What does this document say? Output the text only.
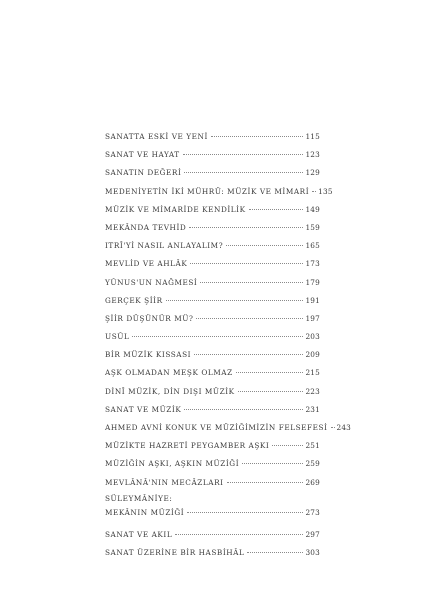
SANATTA ESKİ VE YENİ	115
SANAT VE HAYAT	123
SANATIN DEĞERİ	129
MEDENİYETİN İKİ MÜHRÜ: MÜZİK VE MİMARİ 135
MÜZİK VE MİMARİDE KENDİLİK	149
MEKÂNDA TEVHİD	159
ITRÎ'Yİ NASIL ANLAYALIM?	165
MEVLİD VE AHLÂK	173
YÛNUS'UN NAĞMESİ	179
GERÇEK ŞİİR	191
ŞİİR DÜŞÜNÜR MÜ?	197
USÛL	203
BİR MÜZİK KISSASI	209
AŞK OLMADAN MEŞK OLMAZ	215
DİNÎ MÜZİK, DİN DIŞI MÜZİK	223
SANAT VE MÜZİK	231
AHMED AVNİ KONUK VE MÜZİĞİMİZİN FELSEFESİ 243
MÜZİKTE HAZRETİ PEYGAMBER AŞKI	251
MÜZİĞİN AŞKI, AŞKIN MÜZİĞİ	259
MEVLÂNÂ'NIN MECÂZLARI	269
SÜLEYMÂNİYE:
MEKÂNIN MÜZİĞİ	273
SANAT VE AKIL	297
SANAT ÜZERİNE BİR HASBİHÂL	303
